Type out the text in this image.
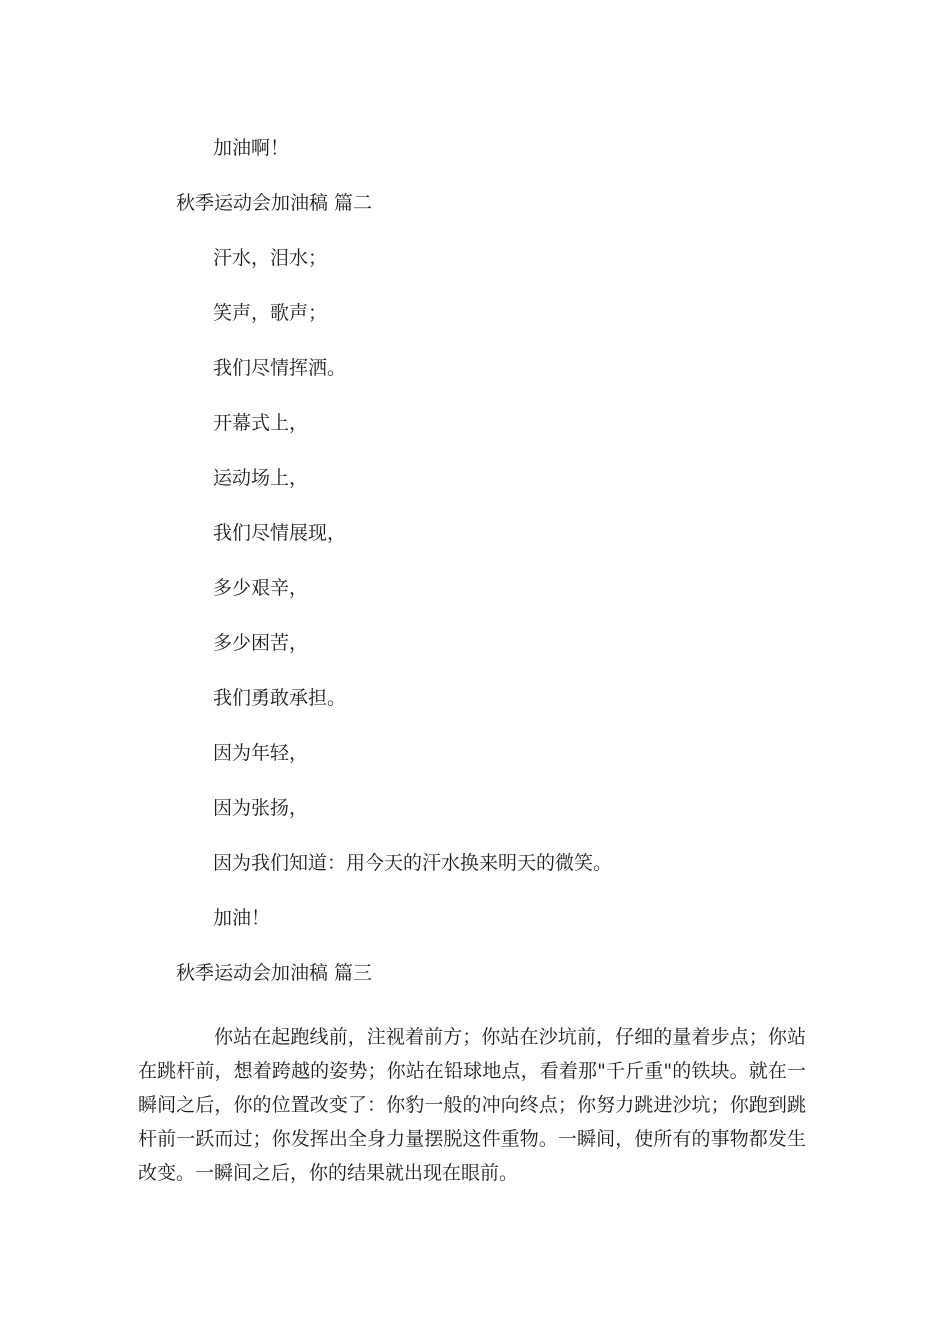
加油啊！

秋季运动会加油稿 篇二

汗水，泪水；

笑声，歌声；

我们尽情挥洒。

开幕式上，

运动场上，

我们尽情展现，

多少艰辛，

多少困苦，

我们勇敢承担。

因为年轻，

因为张扬，

因为我们知道：用今天的汗水换来明天的微笑。

加油！

秋季运动会加油稿 篇三

你站在起跑线前，注视着前方；你站在沙坑前，仔细的量着步点；你站在跳杆前，想着跨越的姿势；你站在铅球地点，看着那"千斤重"的铁块。就在一瞬间之后，你的位置改变了：你豹一般的冲向终点；你努力跳进沙坑；你跑到跳杆前一跃而过；你发挥出全身力量摆脱这件重物。一瞬间，使所有的事物都发生改变。一瞬间之后，你的结果就出现在眼前。
